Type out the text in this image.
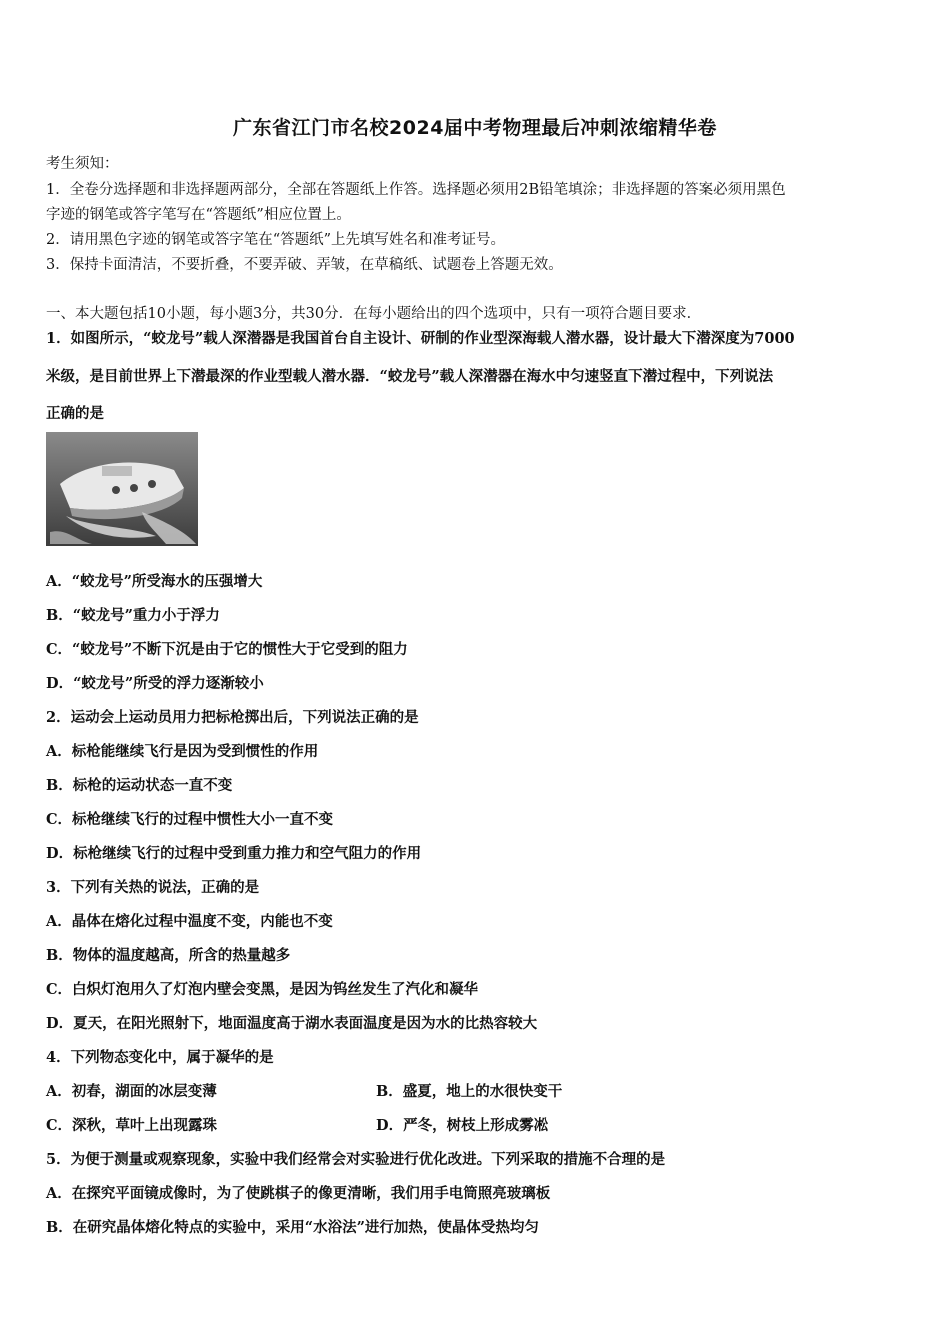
广东省江门市名校2024届中考物理最后冲刺浓缩精华卷
考生须知：
1．全卷分选择题和非选择题两部分，全部在答题纸上作答。选择题必须用2B铅笔填涂；非选择题的答案必须用黑色
字迹的钢笔或答字笔写在“答题纸”相应位置上。
2．请用黑色字迹的钢笔或答字笔在“答题纸”上先填写姓名和准考证号。
3．保持卡面清洁，不要折叠，不要弄破、弄皱，在草稿纸、试题卷上答题无效。
一、本大题包括10小题，每小题3分，共30分．在每小题给出的四个选项中，只有一项符合题目要求．
1．如图所示，“蛟龙号”载人深潜器是我国首台自主设计、研制的作业型深海载人潜水器，设计最大下潜深度为7000
米级，是目前世界上下潜最深的作业型载人潜水器．“蛟龙号”载人深潜器在海水中匀速竖直下潜过程中，下列说法
正确的是
A．“蛟龙号”所受海水的压强增大
B．“蛟龙号”重力小于浮力
C．“蛟龙号”不断下沉是由于它的惯性大于它受到的阻力
D．“蛟龙号”所受的浮力逐渐较小
2．运动会上运动员用力把标枪掷出后，下列说法正确的是
A．标枪能继续飞行是因为受到惯性的作用
B．标枪的运动状态一直不变
C．标枪继续飞行的过程中惯性大小一直不变
D．标枪继续飞行的过程中受到重力推力和空气阻力的作用
3．下列有关热的说法，正确的是
A．晶体在熔化过程中温度不变，内能也不变
B．物体的温度越高，所含的热量越多
C．白炽灯泡用久了灯泡内壁会变黑，是因为钨丝发生了汽化和凝华
D．夏天，在阳光照射下，地面温度高于湖水表面温度是因为水的比热容较大
4．下列物态变化中，属于凝华的是
A．初春，湖面的冰层变薄	B．盛夏，地上的水很快变干
C．深秋，草叶上出现露珠	D．严冬，树枝上形成雾凇
5．为便于测量或观察现象，实验中我们经常会对实验进行优化改进。下列采取的措施不合理的是
A．在探究平面镜成像时，为了使跳棋子的像更清晰，我们用手电筒照亮玻璃板
B．在研究晶体熔化特点的实验中，采用“水浴法”进行加热，使晶体受热均匀
